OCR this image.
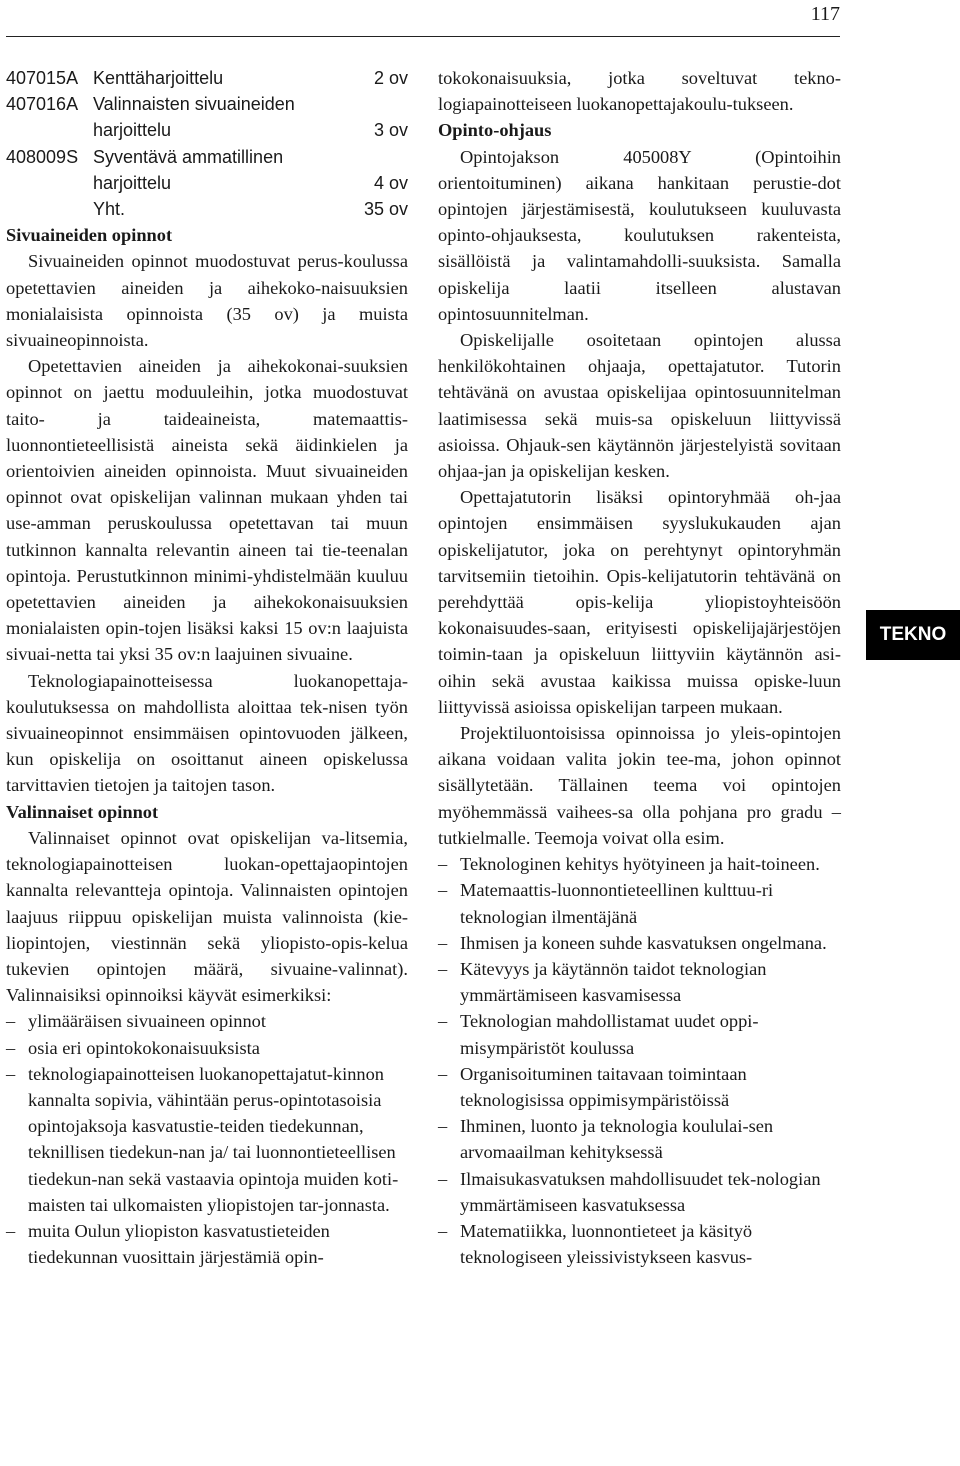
117
407015A	Kenttäharjoittelu	2 ov
407016A	Valinnaisten sivuaineiden	
	harjoittelu	3 ov
408009S	Syventävä ammatillinen	
	harjoittelu	4 ov
	Yht.	35 ov
Sivuaineiden opinnot

Sivuaineiden opinnot muodostuvat perus-koulussa opetettavien aineiden ja aihekoko-naisuuksien monialaisista opinnoista (35 ov) ja muista sivuaineopinnoista.

Opetettavien aineiden ja aihekokonai-suuksien opinnot on jaettu moduuleihin, jotka muodostuvat taito- ja taideaineista, matemaattis-luonnontieteellisistä aineista sekä äidinkielen ja orientoivien aineiden opinnoista. Muut sivuaineiden opinnot ovat opiskelijan valinnan mukaan yhden tai use-amman peruskoulussa opetettavan tai muun tutkinnon kannalta relevantin aineen tai tie-teenalan opintoja. Perustutkinnon minimi-yhdistelmään kuuluu opetettavien aineiden ja aihekokonaisuuksien monialaisten opin-tojen lisäksi kaksi 15 ov:n laajuista sivuai-netta tai yksi 35 ov:n laajuinen sivuaine.

Teknologiapainotteisessa luokanopettaja-koulutuksessa on mahdollista aloittaa tek-nisen työn sivuaineopinnot ensimmäisen opintovuoden jälkeen, kun opiskelija on osoittanut aineen opiskelussa tarvittavien tietojen ja taitojen tason.

Valinnaiset opinnot

Valinnaiset opinnot ovat opiskelijan va-litsemia, teknologiapainotteisen luokan-opettajaopintojen kannalta relevantteja opintoja. Valinnaisten opintojen laajuus riippuu opiskelijan muista valinnoista (kie-liopintojen, viestinnän sekä yliopisto-opis-kelua tukevien opintojen määrä, sivuaine-valinnat). Valinnaisiksi opinnoiksi käyvät esimerkiksi:

– ylimääräisen sivuaineen opinnot
– osia eri opintokokonaisuuksista
– teknologiapainotteisen luokanopettajatut-kinnon kannalta sopivia, vähintään perus-opintotasoisia opintojaksoja kasvatustie-teiden tiedekunnan, teknillisen tiedekun-nan ja/ tai luonnontieteellisen tiedekun-nan sekä vastaavia opintoja muiden koti-maisten tai ulkomaisten yliopistojen tar-jonnasta.
– muita Oulun yliopiston kasvatustieteiden tiedekunnan vuosittain järjestämiä opin-

tokokonaisuuksia, jotka soveltuvat tekno-logiapainotteiseen luokanopettajakoulu-tukseen.

Opinto-ohjaus

Opintojakson 405008Y (Opintoihin orientoituminen) aikana hankitaan perustie-dot opintojen järjestämisestä, koulutukseen kuuluvasta opinto-ohjauksesta, koulutuksen rakenteista, sisällöistä ja valintamahdolli-suuksista. Samalla opiskelija laatii itselleen alustavan opintosuunnitelman.

Opiskelijalle osoitetaan opintojen alussa henkilökohtainen ohjaaja, opettajatutor. Tutorin tehtävänä on avustaa opiskelijaa opintosuunnitelman laatimisessa sekä muis-sa opiskeluun liittyvissä asioissa. Ohjauk-sen käytännön järjestelyistä sovitaan ohjaa-jan ja opiskelijan kesken.

Opettajatutorin lisäksi opintoryhmää oh-jaa opintojen ensimmäisen syyslukukauden ajan opiskelijatutor, joka on perehtynyt opintoryhmän tarvitsemiin tietoihin. Opis-kelijatutorin tehtävänä on perehdyttää opis-kelija yliopistoyhteisöön kokonaisuudes-saan, erityisesti opiskelijajärjestöjen toimin-taan ja opiskeluun liittyviin käytännön asi-oihin sekä avustaa kaikissa muissa opiske-luun liittyvissä asioissa opiskelijan tarpeen mukaan.

Projektiluontoisissa opinnoissa jo yleis-opintojen aikana voidaan valita jokin tee-ma, johon opinnot sisällytetään. Tällainen teema voi opintojen myöhemmässä vaihees-sa olla pohjana pro gradu –tutkielmalle. Teemoja voivat olla esim.

– Teknologinen kehitys hyötyineen ja hait-toineen.
– Matemaattis-luonnontieteellinen kulttuu-ri teknologian ilmentäjänä
– Ihmisen ja koneen suhde kasvatuksen ongelmana.
– Kätevyys ja käytännön taidot teknologian ymmärtämiseen kasvamisessa
– Teknologian mahdollistamat uudet oppi-misympäristöt koulussa
– Organisoituminen taitavaan toimintaan teknologisissa oppimisympäristöissä
– Ihminen, luonto ja teknologia koululai-sen arvomaailman kehityksessä
– Ilmaisukasvatuksen mahdollisuudet tek-nologian ymmärtämiseen kasvatuksessa
– Matematiikka, luonnontieteet ja käsityö teknologiseen yleissivistykseen kasvus-
TEKNO
